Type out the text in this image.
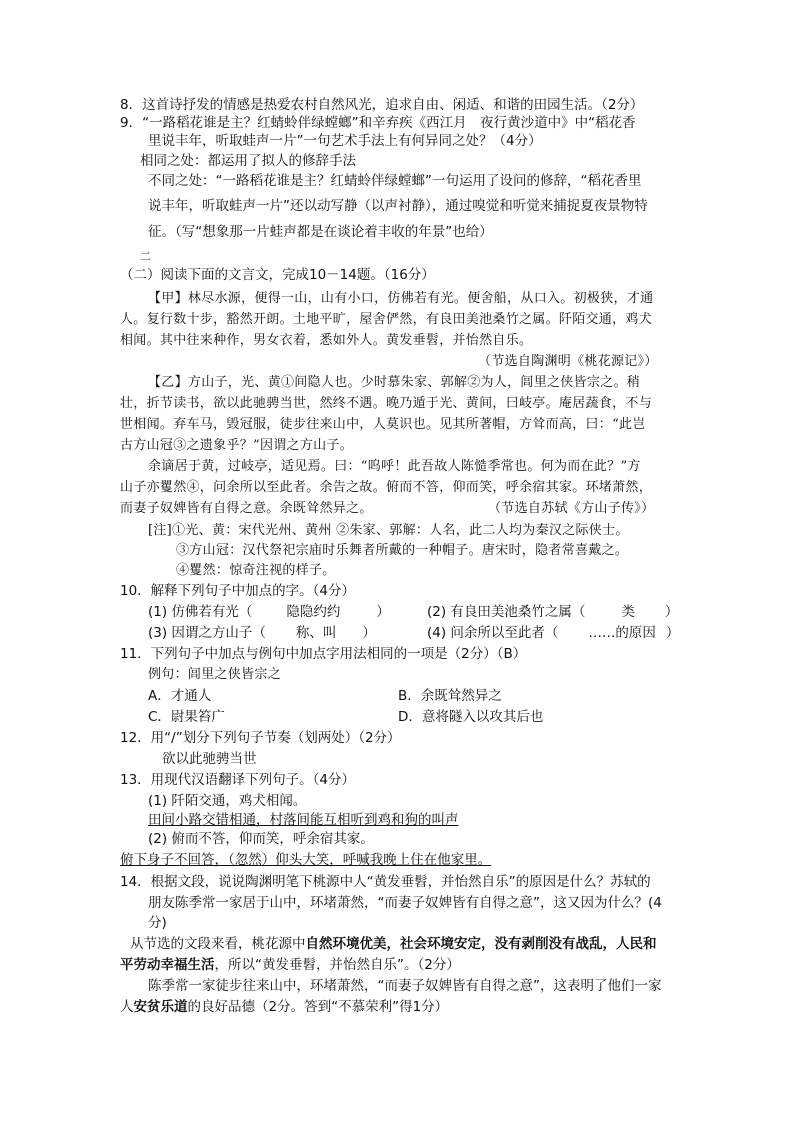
8．这首诗抒发的情感是热爱农村自然风光，追求自由、闲适、和谐的田园生活。（2分）
9．“一路稻花谁是主？红蜻蛉伴绿螳螂”和辛弃疾《西江月　夜行黄沙道中》中“稻花香
里说丰年，听取蛙声一片”一句艺术手法上有何异同之处？（4分）
相同之处：都运用了拟人的修辞手法
不同之处：“一路稻花谁是主？红蜻蛉伴绿螳螂”一句运用了设问的修辞，“稻花香里
说丰年，听取蛙声一片”还以动写静（以声衬静），通过嗅觉和听觉来捕捉夏夜景物特
征。（写“想象那一片蛙声都是在谈论着丰收的年景”也给）
二
（二）阅读下面的文言文，完成10－14题。（16分）
【甲】林尽水源，便得一山，山有小口，仿佛若有光。便舍船，从口入。初极狭，才通
人。复行数十步，豁然开朗。土地平旷，屋舍俨然，有良田美池桑竹之属。阡陌交通，鸡犬
相闻。其中往来种作，男女衣着，悉如外人。黄发垂髫，并怡然自乐。
（节选自陶渊明《桃花源记》）
【乙】方山子，光、黄①间隐人也。少时慕朱家、郭解②为人，闾里之侠皆宗之。稍
壮，折节读书，欲以此驰骋当世，然终不遇。晚乃遁于光、黄间，曰岐亭。庵居蔬食，不与
世相闻。弃车马，毁冠服，徒步往来山中，人莫识也。见其所著帽，方耸而高，曰：“此岂
古方山冠③之遗象乎？”因谓之方山子。
余谪居于黄，过岐亭，适见焉。曰：“呜呼！此吾故人陈慥季常也。何为而在此？”方
山子亦矍然④，问余所以至此者。余告之故。俯而不答，仰而笑，呼余宿其家。环堵萧然，
而妻子奴婢皆有自得之意。余既耸然异之。	（节选自苏轼《方山子传》）
[注]①光、黄：宋代光州、黄州 ②朱家、郭解：人名，此二人均为秦汉之际侠士。
③方山冠：汉代祭祀宗庙时乐舞者所戴的一种帽子。唐宋时，隐者常喜戴之。
④矍然：惊奇注视的样子。
10．解释下列句子中加点的字。（4分）
(1) 仿佛若有光（	隐隐约约	）	(2) 有良田美池桑竹之属（	类 ）
(3) 因谓之方山子（ 称、叫 ）	(4) 问余所以至此者（ ……的原因 ）
11．下列句子中加点与例句中加点字用法相同的一项是（2分）（B）
例句：闾里之侠皆宗之
A．才通人	B．余既耸然异之
C．尉果笞广	D．意将隧入以攻其后也
12．用“/”划分下列句子节奏（划两处）（2分）
欲以此驰骋当世
13．用现代汉语翻译下列句子。（4分）
(1) 阡陌交通，鸡犬相闻。
田间小路交错相通，村落间能互相听到鸡和狗的叫声
(2) 俯而不答，仰而笑，呼余宿其家。
俯下身子不回答，（忽然）仰头大笑，呼喊我晚上住在他家里。
14．根据文段，说说陶渊明笔下桃源中人“黄发垂髫，并怡然自乐”的原因是什么？苏轼的
朋友陈季常一家居于山中，环堵萧然，“而妻子奴婢皆有自得之意”，这又因为什么？(4
分)
从节选的文段来看，桃花源中自然环境优美，社会环境安定，没有剥削没有战乱，人民和
平劳动幸福生活，所以“黄发垂髫，并怡然自乐”。（2分）
陈季常一家徒步往来山中，环堵萧然，“而妻子奴婢皆有自得之意”，这表明了他们一家
人安贫乐道的良好品德（2分。答到“不慕荣利”得1分）
